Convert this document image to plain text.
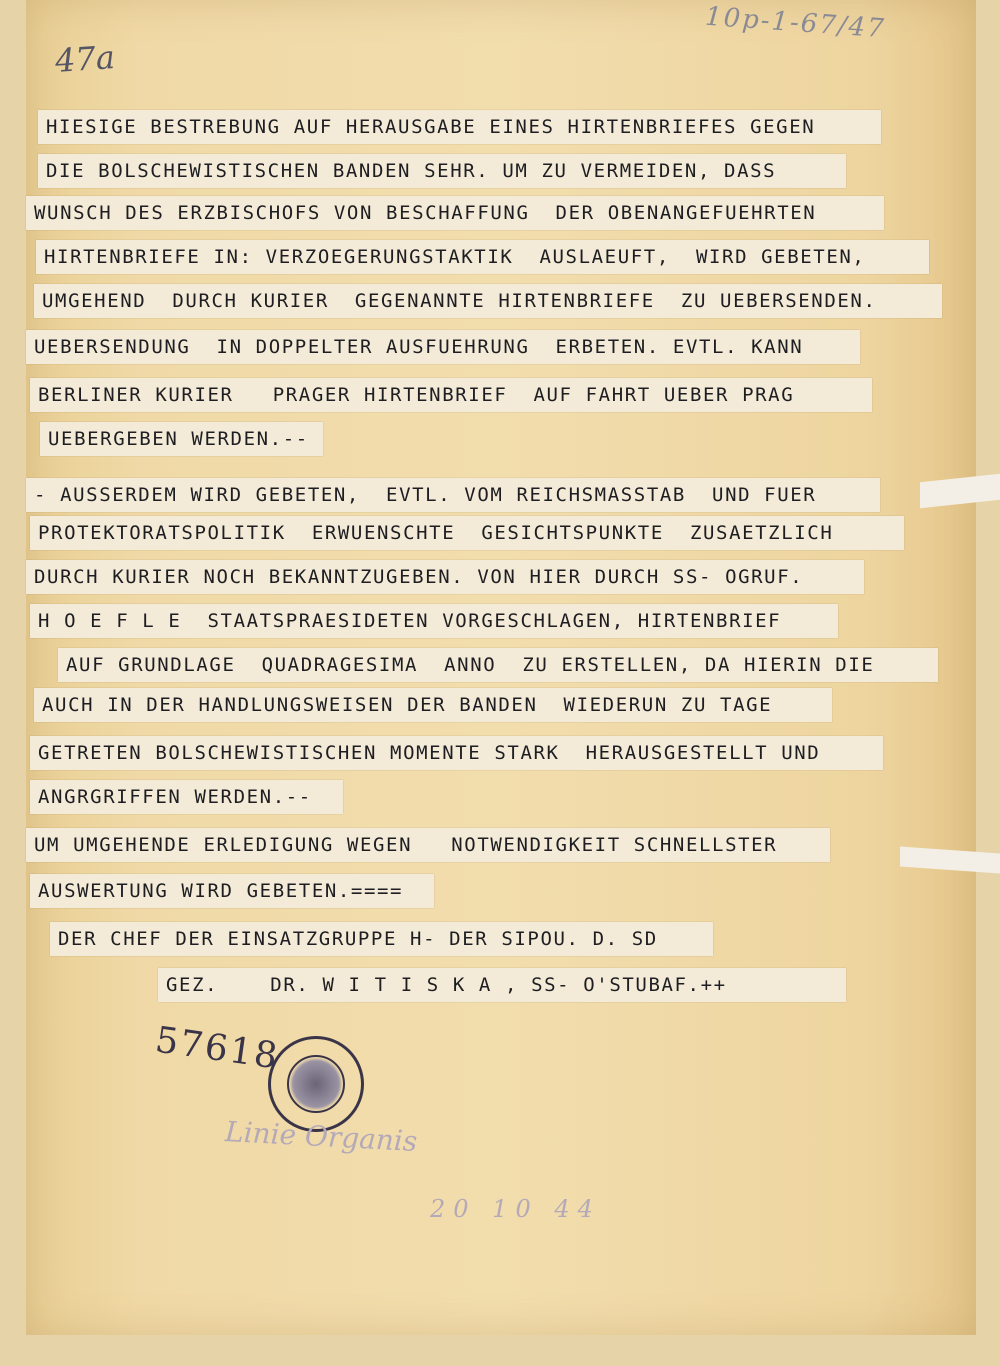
10p-1-67/47
47a
HIESIGE BESTREBUNG AUF HERAUSGABE EINES HIRTENBRIEFES GEGEN
DIE BOLSCHEWISTISCHEN BANDEN SEHR. UM ZU VERMEIDEN, DASS
WUNSCH DES ERZBISCHOFS VON BESCHAFFUNG  DER OBENANGEFUEHRTEN
HIRTENBRIEFE IN: VERZOEGERUNGSTAKTIK  AUSLAEUFT,  WIRD GEBETEN,
UMGEHEND  DURCH KURIER  GEGENANNTE HIRTENBRIEFE  ZU UEBERSENDEN.
UEBERSENDUNG  IN DOPPELTER AUSFUEHRUNG  ERBETEN. EVTL. KANN
BERLINER KURIER   PRAGER HIRTENBRIEF  AUF FAHRT UEBER PRAG
UEBERGEBEN WERDEN.--
- AUSSERDEM WIRD GEBETEN,  EVTL. VOM REICHSMASSTAB  UND FUER
PROTEKTORATSPOLITIK  ERWUENSCHTE  GESICHTSPUNKTE  ZUSAETZLICH
DURCH KURIER NOCH BEKANNTZUGEBEN. VON HIER DURCH SS- OGRUF.
H O E F L E  STAATSPRAESIDETEN VORGESCHLAGEN, HIRTENBRIEF
AUF GRUNDLAGE  QUADRAGESIMA  ANNO  ZU ERSTELLEN, DA HIERIN DIE
AUCH IN DER HANDLUNGSWEISEN DER BANDEN  WIEDERUN ZU TAGE
GETRETEN BOLSCHEWISTISCHEN MOMENTE STARK  HERAUSGESTELLT UND
ANGRGRIFFEN WERDEN.--
UM UMGEHENDE ERLEDIGUNG WEGEN   NOTWENDIGKEIT SCHNELLSTER
AUSWERTUNG WIRD GEBETEN.====
DER CHEF DER EINSATZGRUPPE H- DER SIPOU. D. SD
GEZ.    DR. W I T I S K A , SS- O'STUBAF.++
57618
Linie Organis
20 10 44
